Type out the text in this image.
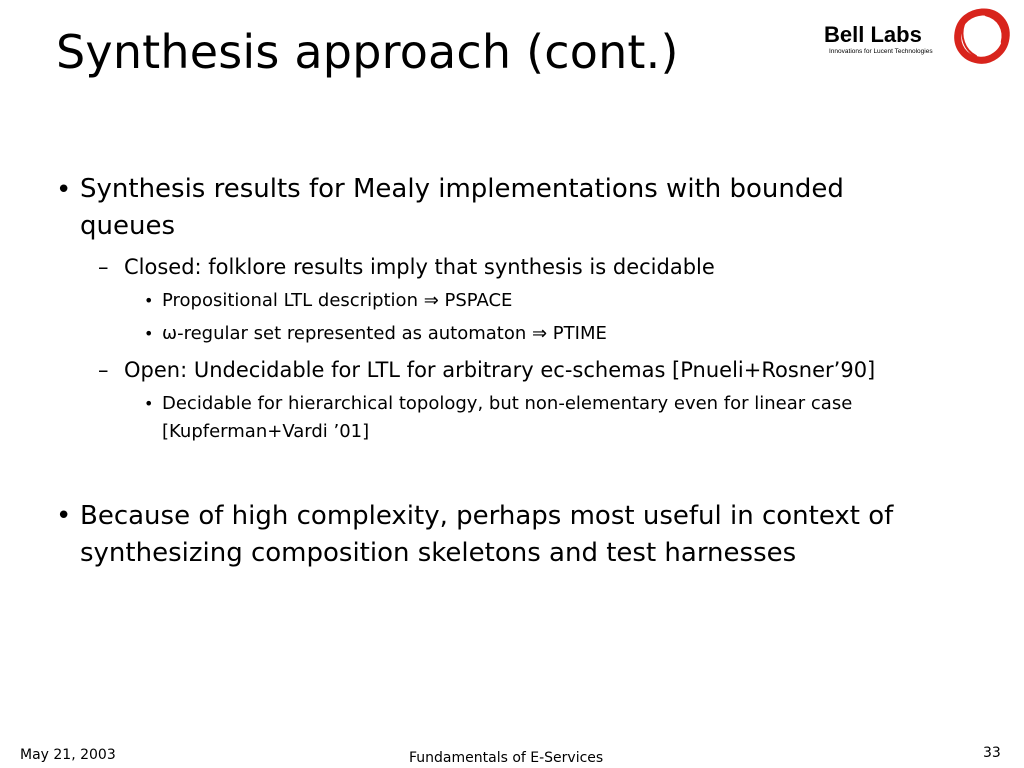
Synthesis approach (cont.)	Bell Labs
Innovations for Lucent Technologies
• Synthesis results for Mealy implementations with bounded
queues
– Closed: folklore results imply that synthesis is decidable
• Propositional LTL description ⇒ PSPACE
• ω-regular set represented as automaton ⇒ PTIME
– Open: Undecidable for LTL for arbitrary ec-schemas [Pnueli+Rosner’90]
• Decidable for hierarchical topology, but non-elementary even for linear case
[Kupferman+Vardi ’01]
• Because of high complexity, perhaps most useful in context of
synthesizing composition skeletons and test harnesses
May 21, 2003	Fundamentals of E-Services	33
